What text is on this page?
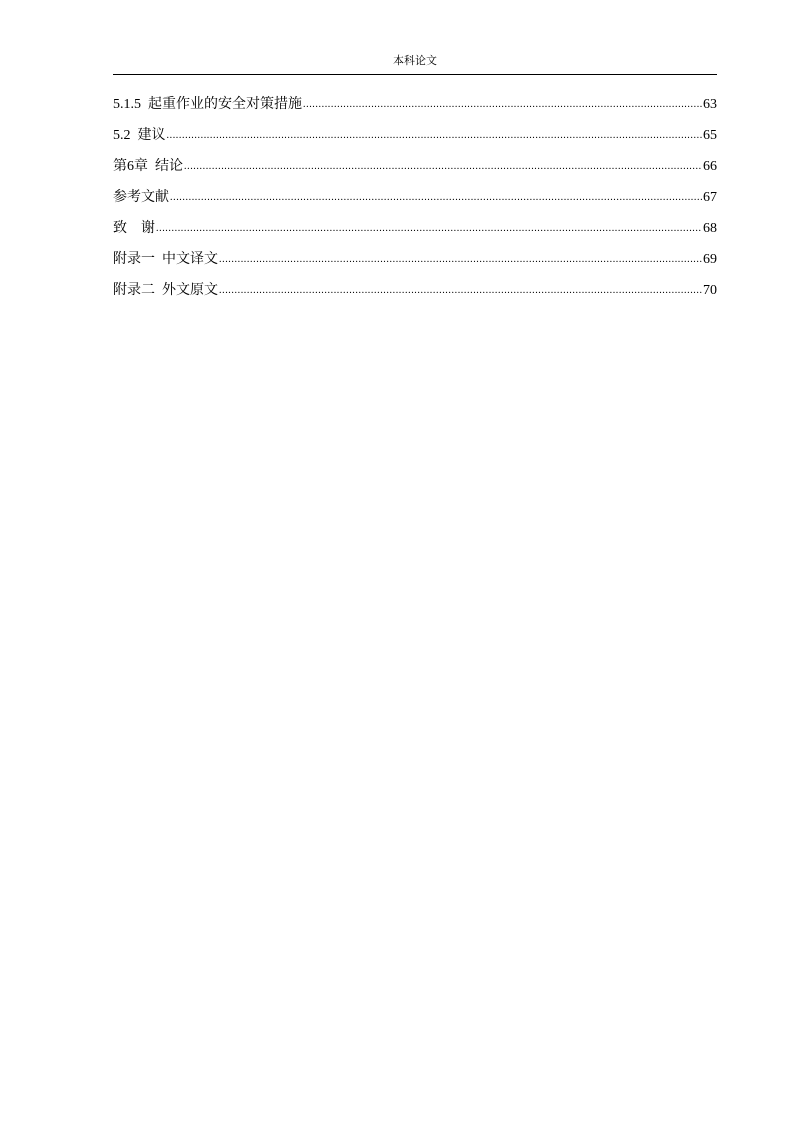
本科论文
5.1.5  起重作业的安全对策措施 .....	63
5.2  建议 .....	65
第6章  结论 .....	66
参考文献 .....	67
致    谢 .....	68
附录一  中文译文 .....	69
附录二  外文原文 .....	70
